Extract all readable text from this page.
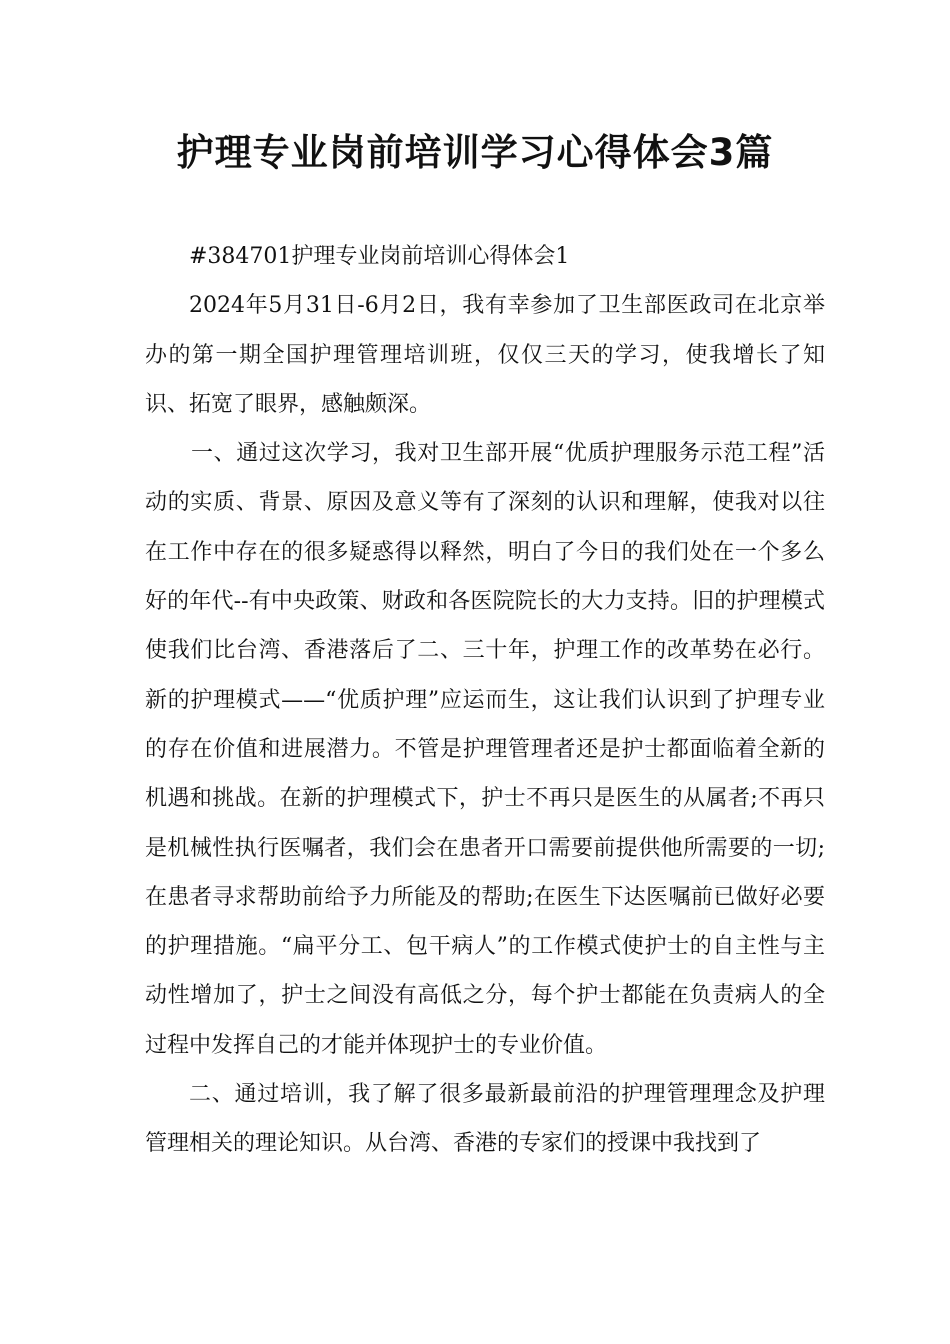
护理专业岗前培训学习心得体会3篇

#384701护理专业岗前培训心得体会1

2024年5月31日-6月2日，我有幸参加了卫生部医政司在北京举办的第一期全国护理管理培训班，仅仅三天的学习，使我增长了知识、拓宽了眼界，感触颇深。

一、通过这次学习，我对卫生部开展“优质护理服务示范工程”活动的实质、背景、原因及意义等有了深刻的认识和理解，使我对以往在工作中存在的很多疑惑得以释然，明白了今日的我们处在一个多么好的年代--有中央政策、财政和各医院院长的大力支持。旧的护理模式使我们比台湾、香港落后了二、三十年，护理工作的改革势在必行。新的护理模式——“优质护理”应运而生，这让我们认识到了护理专业的存在价值和进展潜力。不管是护理管理者还是护士都面临着全新的机遇和挑战。在新的护理模式下，护士不再只是医生的从属者;不再只是机械性执行医嘱者，我们会在患者开口需要前提供他所需要的一切;在患者寻求帮助前给予力所能及的帮助;在医生下达医嘱前已做好必要的护理措施。“扁平分工、包干病人”的工作模式使护士的自主性与主动性增加了，护士之间没有高低之分，每个护士都能在负责病人的全过程中发挥自己的才能并体现护士的专业价值。

二、通过培训，我了解了很多最新最前沿的护理管理理念及护理管理相关的理论知识。从台湾、香港的专家们的授课中我找到了
